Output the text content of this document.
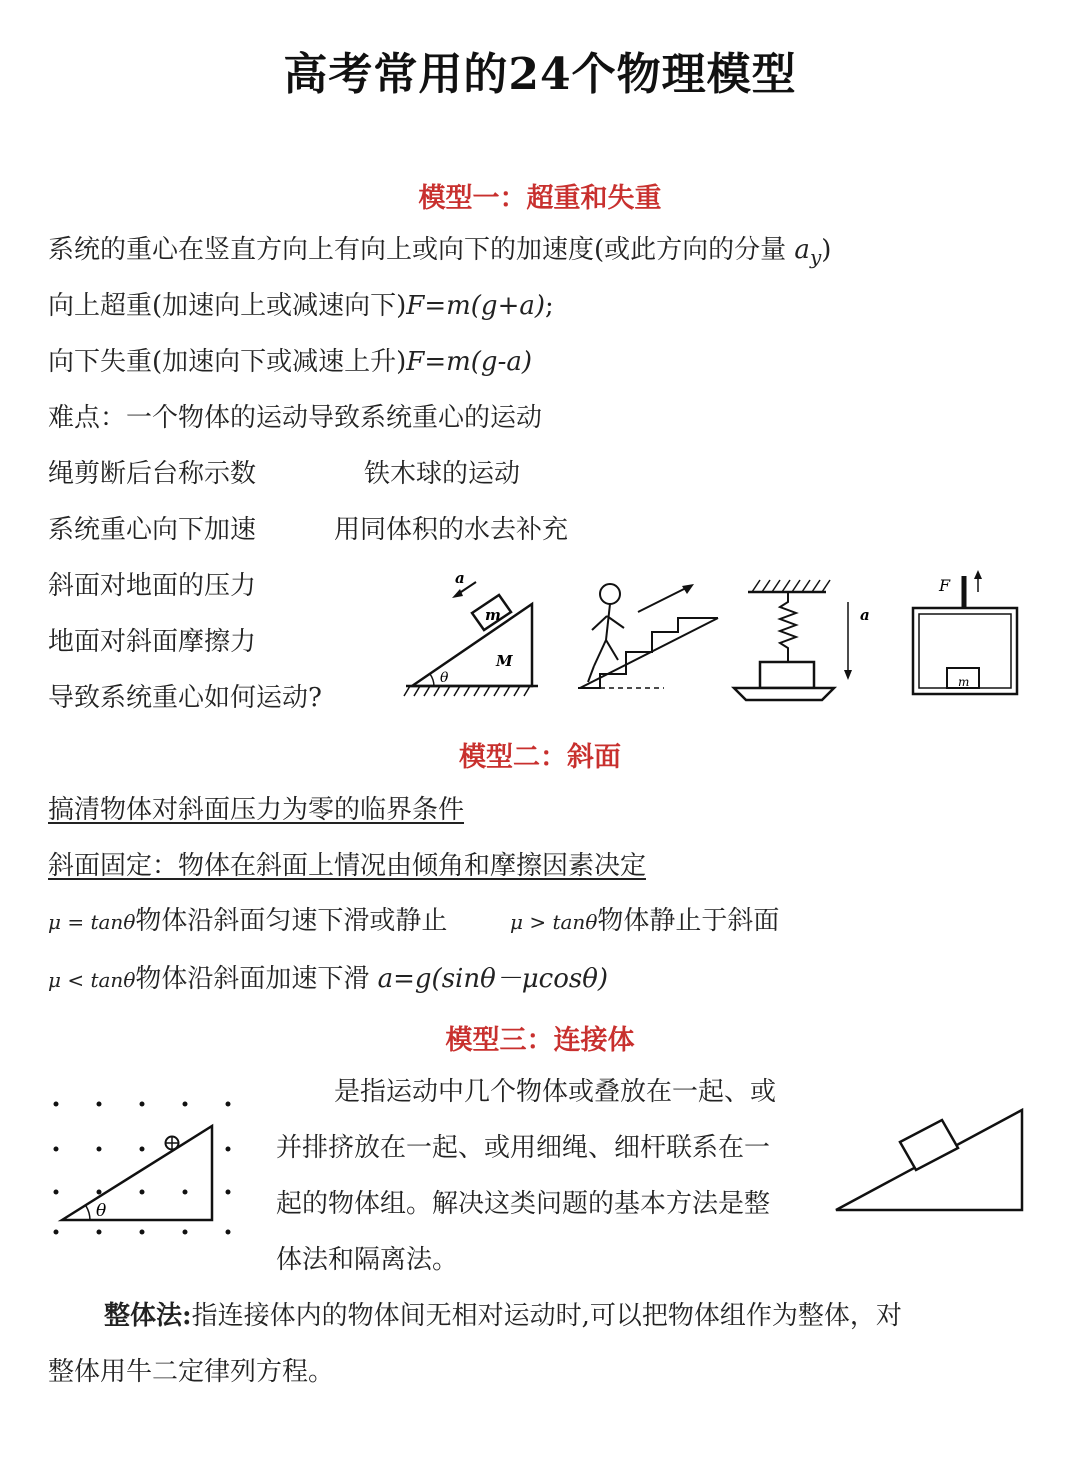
高考常用的24个物理模型
模型一：超重和失重
系统的重心在竖直方向上有向上或向下的加速度(或此方向的分量 $a_y$)
向上超重(加速向上或减速向下)F=m(g+a);
向下失重(加速向下或减速上升)F=m(g-a)
难点：一个物体的运动导致系统重心的运动
绳剪断后台称示数	铁木球的运动
系统重心向下加速	用同体积的水去补充
斜面对地面的压力
地面对斜面摩擦力
导致系统重心如何运动?
a
m
M
θ
a
F
m
模型二：斜面
搞清物体对斜面压力为零的临界条件
斜面固定：物体在斜面上情况由倾角和摩擦因素决定
μ = tanθ物体沿斜面匀速下滑或静止	μ > tanθ物体静止于斜面
μ < tanθ物体沿斜面加速下滑 a=g(sinθ－μcosθ)
模型三：连接体
θ
是指运动中几个物体或叠放在一起、或
并排挤放在一起、或用细绳、细杆联系在一
起的物体组。解决这类问题的基本方法是整
体法和隔离法。
整体法:指连接体内的物体间无相对运动时,可以把物体组作为整体，对
整体用牛二定律列方程。
